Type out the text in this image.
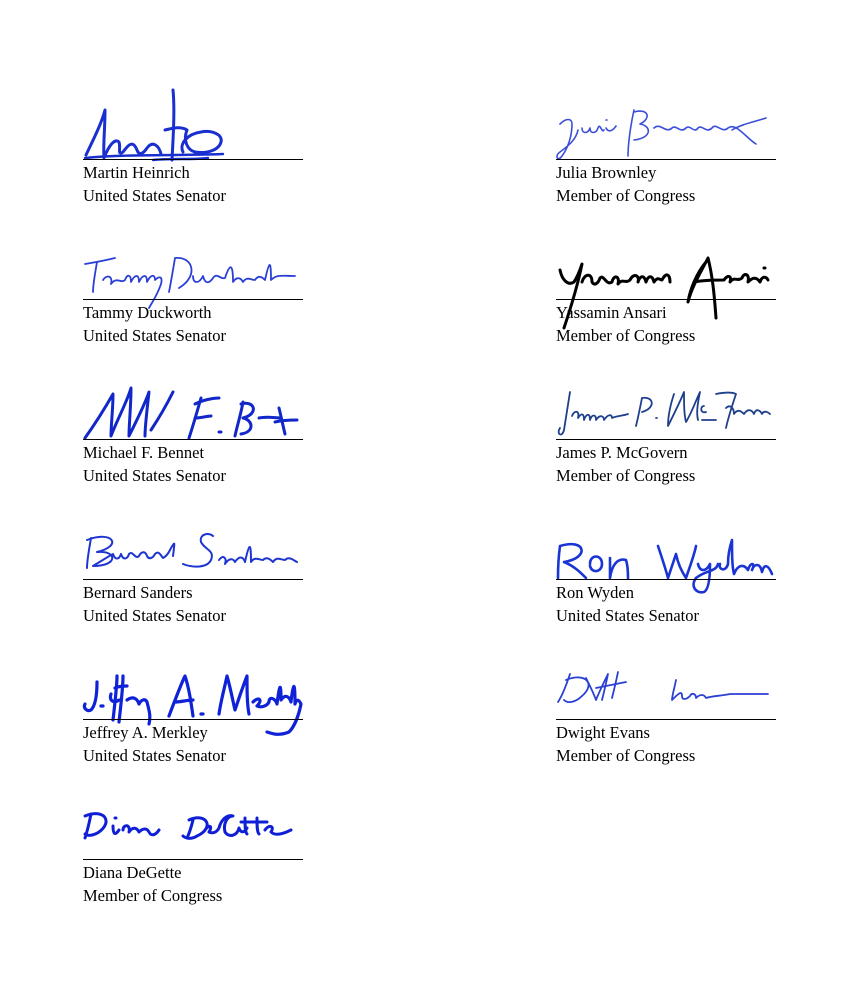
Martin Heinrich
United States Senator
Julia Brownley
Member of Congress
Tammy Duckworth
United States Senator
Yassamin Ansari
Member of Congress
Michael F. Bennet
United States Senator
James P. McGovern
Member of Congress
Bernard Sanders
United States Senator
Ron Wyden
United States Senator
Jeffrey A. Merkley
United States Senator
Dwight Evans
Member of Congress
Diana DeGette
Member of Congress
